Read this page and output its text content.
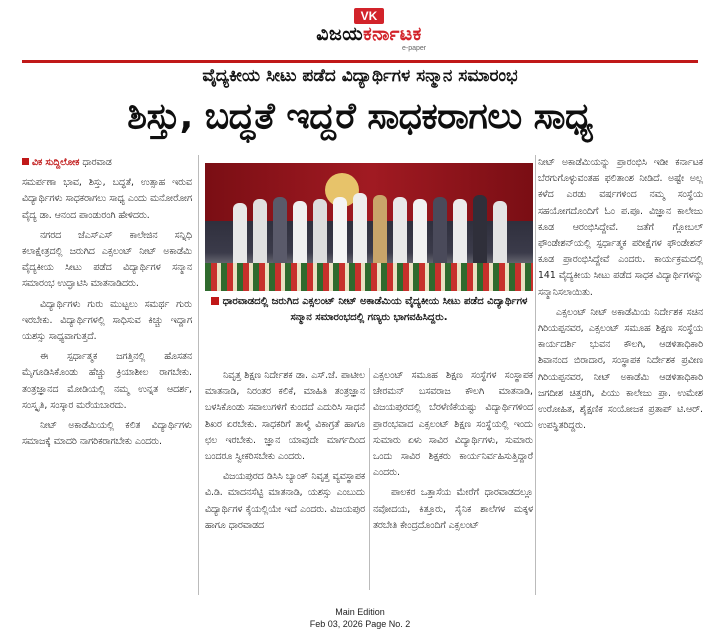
VK
ವಿಜಯಕರ್ನಾಟಕ
e-paper
ವೈದ್ಯಕೀಯ ಸೀಟು ಪಡೆದ ವಿದ್ಯಾರ್ಥಿಗಳ ಸನ್ಮಾನ ಸಮಾರಂಭ
ಶಿಸ್ತು, ಬದ್ಧತೆ ಇದ್ದರೆ ಸಾಧಕರಾಗಲು ಸಾಧ್ಯ

ವಿಕ ಸುದ್ದಿಲೋಕ ಧಾರವಾಡ

ಸಮರ್ಪಣಾ ಭಾವ, ಶಿಸ್ತು, ಬದ್ಧತೆ, ಉತ್ಸಾಹ ಇರುವ ವಿದ್ಯಾರ್ಥಿಗಳು ಸಾಧಕರಾಗಲು ಸಾಧ್ಯ ಎಂದು ಮನೋರೋಗ ವೈದ್ಯ ಡಾ. ಆನಂದ ಪಾಂಡುರಂಗಿ ಹೇಳಿದರು.

ನಗರದ ಜೆಎಸ್‌ಎಸ್ ಕಾಲೇಜಿನ ಸನ್ನಿಧಿ ಕಲಾಕ್ಷೇತ್ರದಲ್ಲಿ ಜರುಗಿದ ಎಕ್ಸಲಂಟ್ ನೀಟ್ ಅಕಾಡೆಮಿ ವೈದ್ಯಕೀಯ ಸೀಟು ಪಡೆದ ವಿದ್ಯಾರ್ಥಿಗಳ ಸನ್ಮಾನ ಸಮಾರಂಭ ಉದ್ಘಾಟಿಸಿ ಮಾತನಾಡಿದರು.

ವಿದ್ಯಾರ್ಥಿಗಳು ಗುರು ಮುಟ್ಟಲು ಸಮರ್ಥ ಗುರು ಇರಬೇಕು. ವಿದ್ಯಾರ್ಥಿಗಳಲ್ಲಿ ಸಾಧಿಸುವ ಕಿಚ್ಚು ಇದ್ದಾಗ ಯಶಸ್ಸು ಸಾಧ್ಯವಾಗುತ್ತದೆ.

ಈ ಸ್ಪರ್ಧಾತ್ಮಕ ಜಗತ್ತಿನಲ್ಲಿ ಹೊಸತನ ಮೈಗೂಡಿಸಿಕೊಂಡು ಹೆಚ್ಚು ಕ್ರಿಯಾಶೀಲ ರಾಗಬೇಕು. ತಂತ್ರಜ್ಞಾನದ ಮೋಡಿಯಲ್ಲಿ ನಮ್ಮ ಉನ್ನತ ಆದರ್ಶ, ಸಂಸ್ಕೃತಿ, ಸಂಸ್ಕಾರ ಮರೆಯಬಾರದು.

ನೀಟ್ ಅಕಾಡೆಮಿಯಲ್ಲಿ ಕಲಿತ ವಿದ್ಯಾರ್ಥಿಗಳು ಸಮಾಜಕ್ಕೆ ಮಾದರಿ ನಾಗರಿಕರಾಗಬೇಕು ಎಂದರು.

ಧಾರವಾಡದಲ್ಲಿ ಜರುಗಿದ ಎಕ್ಸಲಂಟ್ ನೀಟ್ ಅಕಾಡೆಮಿಯ ವೈದ್ಯಕೀಯ ಸೀಟು ಪಡೆದ ವಿದ್ಯಾರ್ಥಿಗಳ ಸನ್ಮಾನ ಸಮಾರಂಭದಲ್ಲಿ ಗಣ್ಯರು ಭಾಗವಹಿಸಿದ್ದರು.

ನಿವೃತ್ತ ಶಿಕ್ಷಣ ನಿರ್ದೇಶಕ ಡಾ. ಎಸ್.ಜೆ. ಪಾಟೀಲ ಮಾತನಾಡಿ, ನಿರಂತರ ಕಲಿಕೆ, ಮಾಹಿತಿ ತಂತ್ರಜ್ಞಾನ ಬಳಸಿಕೊಂಡು ಸವಾಲುಗಳಿಗೆ ಕುಂದದೆ ಎದುರಿಸಿ ಸಾಧನೆ ಶಿಖರ ಏರಬೇಕು. ಸಾಧಕರಿಗೆ ತಾಳ್ಮೆ ವಿಕಾಗ್ರತೆ ಹಾಗೂ ಛಲ ಇರಬೇಕು. ಜ್ಞಾನ ಯಾವುದೇ ಮಾರ್ಗದಿಂದ ಬಂದರೂ ಸ್ವೀಕರಿಸಬೇಕು ಎಂದರು.

ವಿಜಯಪುರದ ಡಿಸಿಸಿ ಬ್ಯಾಂಕ್ ನಿವೃತ್ತ ವ್ಯವಸ್ಥಾಪಕ ವಿ.ಡಿ. ಮಾದನಸೆಟ್ಟಿ ಮಾತನಾಡಿ, ಯಶಸ್ಸು ಎಂಬುದು ವಿದ್ಯಾರ್ಥಿಗಳ ಕೈಯಲ್ಲಿಯೇ ಇದೆ ಎಂದರು. ವಿಜಯಪುರ ಹಾಗೂ ಧಾರವಾಡದ

ಎಕ್ಸಲಂಟ್ ಸಮೂಹ ಶಿಕ್ಷಣ ಸಂಸ್ಥೆಗಳ ಸಂಸ್ಥಾಪಕ ಚೇರಮನ್ ಬಸವರಾಜ ಕೌಲಗಿ ಮಾತನಾಡಿ, ವಿಜಯಪುರದಲ್ಲಿ ಬೆರಳೆಣಿಕೆಯಷ್ಟು ವಿದ್ಯಾರ್ಥಿಗಳಿಂದ ಪ್ರಾರಂಭವಾದ ಎಕ್ಸಲಂಟ್ ಶಿಕ್ಷಣ ಸಂಸ್ಥೆಯಲ್ಲಿ ಇಂದು ಸುಮಾರು ಏಳು ಸಾವಿರ ವಿದ್ಯಾರ್ಥಿಗಳು, ಸುಮಾರು ಒಂದು ಸಾವಿರ ಶಿಕ್ಷಕರು ಕಾರ್ಯನಿರ್ವಹಿಸುತ್ತಿದ್ದಾರೆ ಎಂದರು.

ಪಾಲಕರ ಒತ್ತಾಸೆಯ ಮೇರೆಗೆ ಧಾರವಾಡದಲ್ಲೂ ನವೋದಯ, ಕಿತ್ತೂರು, ಸೈನಿಕ ಶಾಲೆಗಳ ಮಕ್ಕಳ ತರಬೇತಿ ಕೇಂದ್ರದೊಂದಿಗೆ ಎಕ್ಸಲಂಟ್

ನೀಟ್ ಅಕಾಡೆಮಿಯನ್ನು ಪ್ರಾರಂಭಿಸಿ ಇಡೀ ಕರ್ನಾಟಕ ಬೆರಗುಗೊಳ್ಳುವಂತಹ ಫಲಿತಾಂಶ ನೀಡಿದೆ. ಅಷ್ಟೇ ಅಲ್ಲ ಕಳೆದ ಎರಡು ವರ್ಷಗಳಿಂದ ನಮ್ಮ ಸಂಸ್ಥೆಯ ಸಹಯೋಗದೊಂದಿಗೆ ಓಂ ಪ.ಪೂ. ವಿಜ್ಞಾನ ಕಾಲೇಜು ಕೂಡ ಆರಂಭಿಸಿದ್ದೇವೆ. ಜತೆಗೆ ಗ್ಲೋಬಲ್ ಫೌಂಡೇಶನ್‌ಯಲ್ಲಿ ಸ್ಪರ್ಧಾತ್ಮಕ ಪರೀಕ್ಷೆಗಳ ಫೌಂಡೇಶನ್ ಕೂಡ ಪ್ರಾರಂಭಿಸಿದ್ದೇವೆ ಎಂದರು. ಕಾರ್ಯಕ್ರಮದಲ್ಲಿ 141 ವೈದ್ಯಕೀಯ ಸೀಟು ಪಡೆದ ಸಾಧಕ ವಿದ್ಯಾರ್ಥಿಗಳನ್ನು ಸನ್ಮಾನಿಸಲಾಯಿತು.

ಎಕ್ಸಲಂಟ್ ನೀಟ್ ಅಕಾಡೆಮಿಯ ನಿರ್ದೇಶಕ ಸಚಿನ ಗಿರಿಯಪ್ಪನವರ, ಎಕ್ಸಲಂಟ್ ಸಮೂಹ ಶಿಕ್ಷಣ ಸಂಸ್ಥೆಯ ಕಾರ್ಯದರ್ಶಿ ಭುವನ ಕೌಲಗಿ, ಆಡಳಿತಾಧಿಕಾರಿ ಶಿವಾನಂದ ಬಿರಾದಾರ, ಸಂಸ್ಥಾಪಕ ನಿರ್ದೇಶಕ ಪ್ರವೀಣ ಗಿರಿಯಪ್ಪನವರ, ನೀಟ್ ಅಕಾಡೆಮಿ ಆಡಳಿತಾಧಿಕಾರಿ ಜಗದೀಶ ಚಿತ್ತರಗಿ, ಪಿಯು ಕಾಲೇಜು ಪ್ರಾ. ಉಮೇಶ ಉರೋಹಿತ, ಶೈಕ್ಷಣಿಕ ಸಂಯೋಜಕ ಪ್ರತಾಪ್ ಟಿ.ಆರ್. ಉಪಸ್ಥಿತರಿದ್ದರು.

Main Edition
Feb 03, 2026 Page No. 2
